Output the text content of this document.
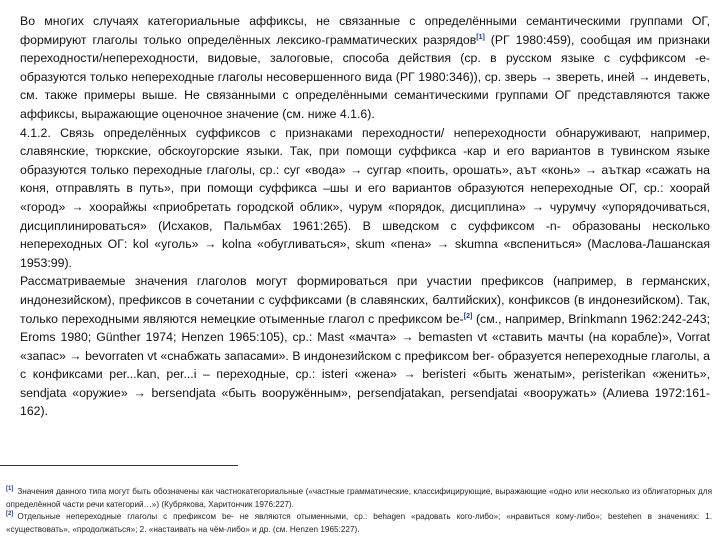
Во многих случаях категориальные аффиксы, не связанные с определёнными семантическими группами ОГ, формируют глаголы только определённых лексико-грамматических разрядов[1] (РГ 1980:459), сообщая им признаки переходности/непереходности, видовые, залоговые, способа действия (ср. в русском языке с суффиксом -е- образуются только непереходные глаголы несовершенного вида (РГ 1980:346)), ср. зверь → звереть, иней → индеветь, см. также примеры выше. Не связанными с определёнными семантическими группами ОГ представляются также аффиксы, выражающие оценочное значение (см. ниже 4.1.6).

4.1.2. Связь определённых суффиксов с признаками переходности/ непереходности обнаруживают, например, славянские, тюркские, обскоугорские языки. Так, при помощи суффикса -кар и его вариантов в тувинском языке образуются только переходные глаголы, ср.: суг «вода» → суггар «поить, орошать», аът «конь» → аъткар «сажать на коня, отправлять в путь», при помощи суффикса –шы и его вариантов образуются непереходные ОГ, ср.: хоорай «город» → хоорайжы «приобретать городской облик», чурум «порядок, дисциплина» → чурумчу «упорядочиваться, дисциплинироваться» (Исхаков, Пальмбах 1961:265). В шведском с суффиксом -n- образованы несколько непереходных ОГ: kol «уголь» → kolna «обугливаться», skum «пена» → skumna «вспениться» (Маслова-Лашанская 1953:99).

Рассматриваемые значения глаголов могут формироваться при участии префиксов (например, в германских, индонезийском), префиксов в сочетании с суффиксами (в славянских, балтийских), конфиксов (в индонезийском). Так, только переходными являются немецкие отыменные глагол с префиксом be-[2] (см., например, Brinkmann 1962:242-243; Eroms 1980; Günther 1974; Henzen 1965:105), ср.: Mast «мачта» → bemasten vt «ставить мачты (на корабле)», Vorrat «запас» → bevorraten vt «снабжать запасами». В индонезийском с префиксом ber- образуется непереходные глаголы, а с конфиксами per...kan, per...i – переходные, ср.: isteri «жена» → beristeri «быть женатым», peristerikan «женить», sendjata «оружие» → bersendjata «быть вооружённым», persendjatakan, persendjatai «вооружать» (Алиева 1972:161-162).

[1] Значения данного типа могут быть обозначены как частнокатегориальные («частные грамматические, классифицирующие, выражающие «одно или несколько из облигаторных для определённой части речи категорий…») (Кубрякова, Харитончик 1976:227).

[2] Отдельные непереходные глаголы с префиксом be- не являются отыменными, ср.: behagen «радовать кого-либо»; «нравиться кому-либо»; bestehen в значениях: 1. «существовать», «продолжаться»; 2. «настаивать на чём-либо» и др. (см. Henzen 1965:227).
